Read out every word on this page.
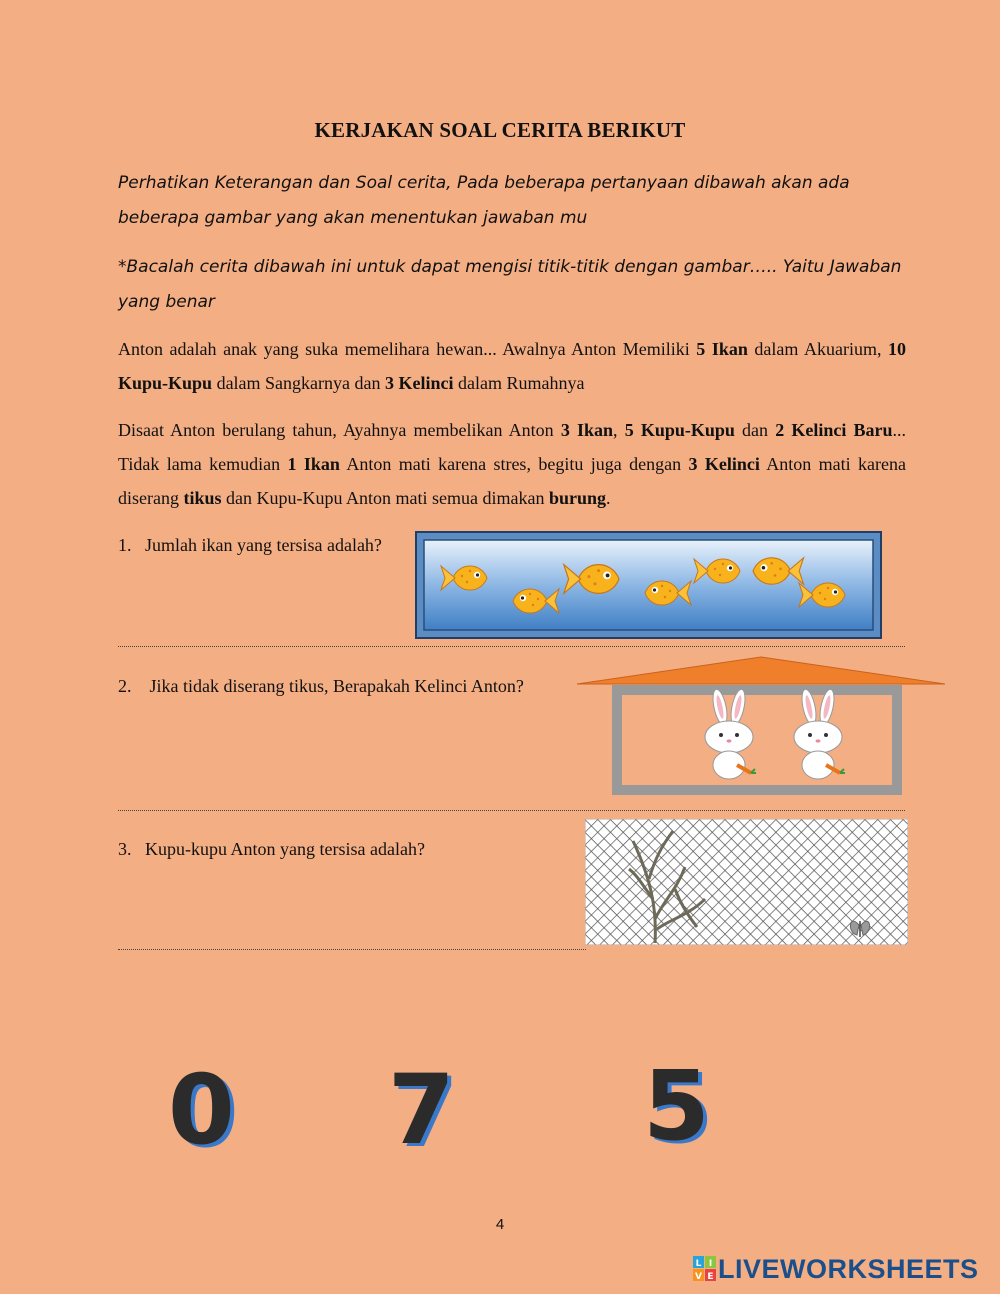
KERJAKAN SOAL CERITA BERIKUT
Perhatikan Keterangan dan Soal cerita, Pada beberapa pertanyaan dibawah akan ada beberapa gambar yang akan menentukan jawaban mu
*Bacalah cerita dibawah ini untuk dapat mengisi titik-titik dengan gambar….. Yaitu Jawaban yang benar
Anton adalah anak yang suka memelihara hewan... Awalnya Anton Memiliki 5 Ikan dalam Akuarium, 10 Kupu-Kupu dalam Sangkarnya dan 3 Kelinci dalam Rumahnya
Disaat Anton berulang tahun, Ayahnya membelikan Anton 3 Ikan, 5 Kupu-Kupu dan 2 Kelinci Baru... Tidak lama kemudian 1 Ikan Anton mati karena stres, begitu juga dengan 3 Kelinci Anton mati karena diserang tikus dan Kupu-Kupu Anton mati semua dimakan burung.
1. Jumlah ikan yang tersisa adalah?
2. Jika tidak diserang tikus, Berapakah Kelinci Anton?
3. Kupu-kupu Anton yang tersisa adalah?
0 7 5
4
L I
V E LIVEWORKSHEETS
